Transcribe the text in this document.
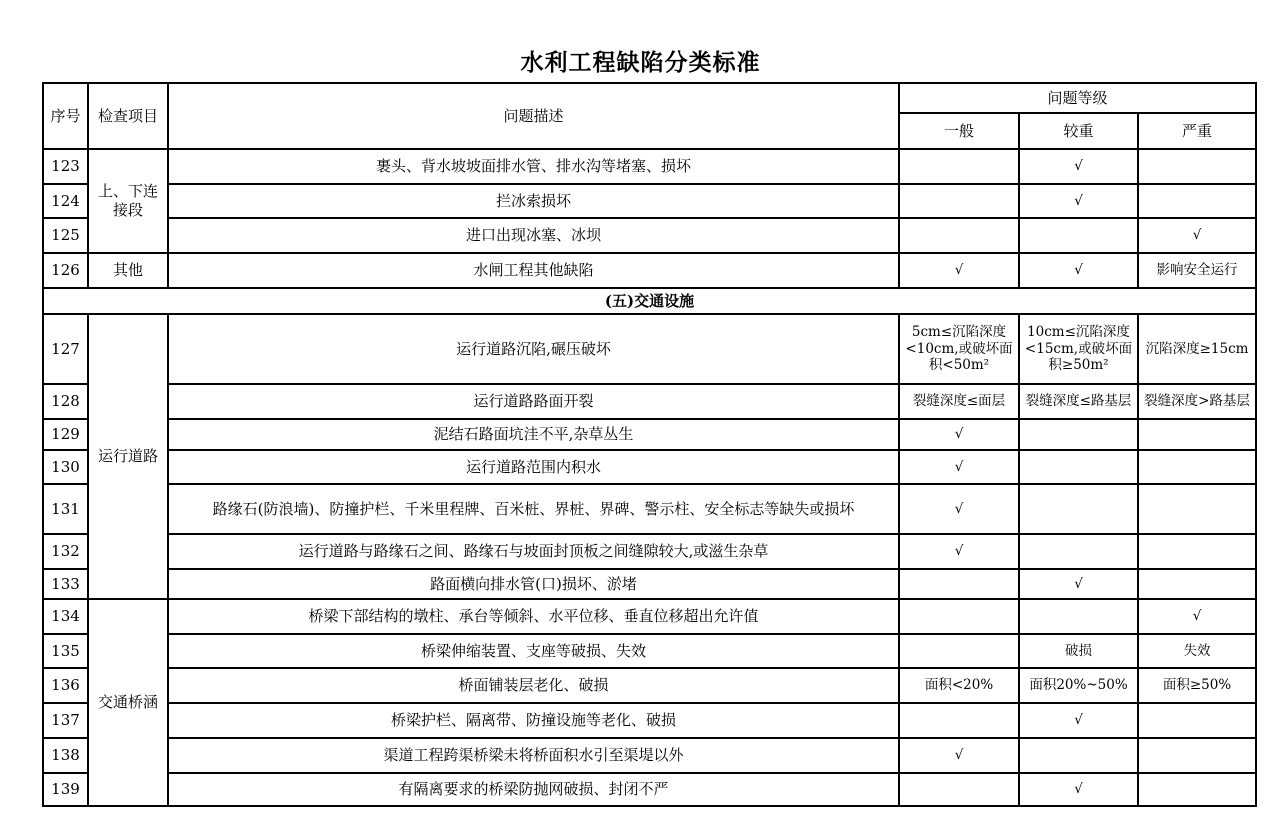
水利工程缺陷分类标准
序号	检查项目	问题描述	问题等级		
			一般	较重	严重
123	上、下连接段	裹头、背水坡坡面排水管、排水沟等堵塞、损坏		√	
124		拦冰索损坏		√	
125		进口出现冰塞、冰坝			√
126	其他	水闸工程其他缺陷	√	√	影响安全运行
(五)交通设施					
127	运行道路	运行道路沉陷,碾压破坏	5cm≤沉陷深度<10cm,或破坏面积<50m²	10cm≤沉陷深度<15cm,或破坏面积≥50m²	沉陷深度≥15cm
128		运行道路路面开裂	裂缝深度≤面层	裂缝深度≤路基层	裂缝深度>路基层
129		泥结石路面坑洼不平,杂草丛生	√		
130		运行道路范围内积水	√		
131		路缘石(防浪墙)、防撞护栏、千米里程牌、百米桩、界桩、界碑、警示柱、安全标志等缺失或损坏	√		
132		运行道路与路缘石之间、路缘石与坡面封顶板之间缝隙较大,或滋生杂草	√		
133		路面横向排水管(口)损坏、淤堵		√	
134	交通桥涵	桥梁下部结构的墩柱、承台等倾斜、水平位移、垂直位移超出允许值			√
135		桥梁伸缩装置、支座等破损、失效		破损	失效
136		桥面铺装层老化、破损	面积<20%	面积20%~50%	面积≥50%
137		桥梁护栏、隔离带、防撞设施等老化、破损		√	
138		渠道工程跨渠桥梁未将桥面积水引至渠堤以外	√		
139		有隔离要求的桥梁防抛网破损、封闭不严		√	
